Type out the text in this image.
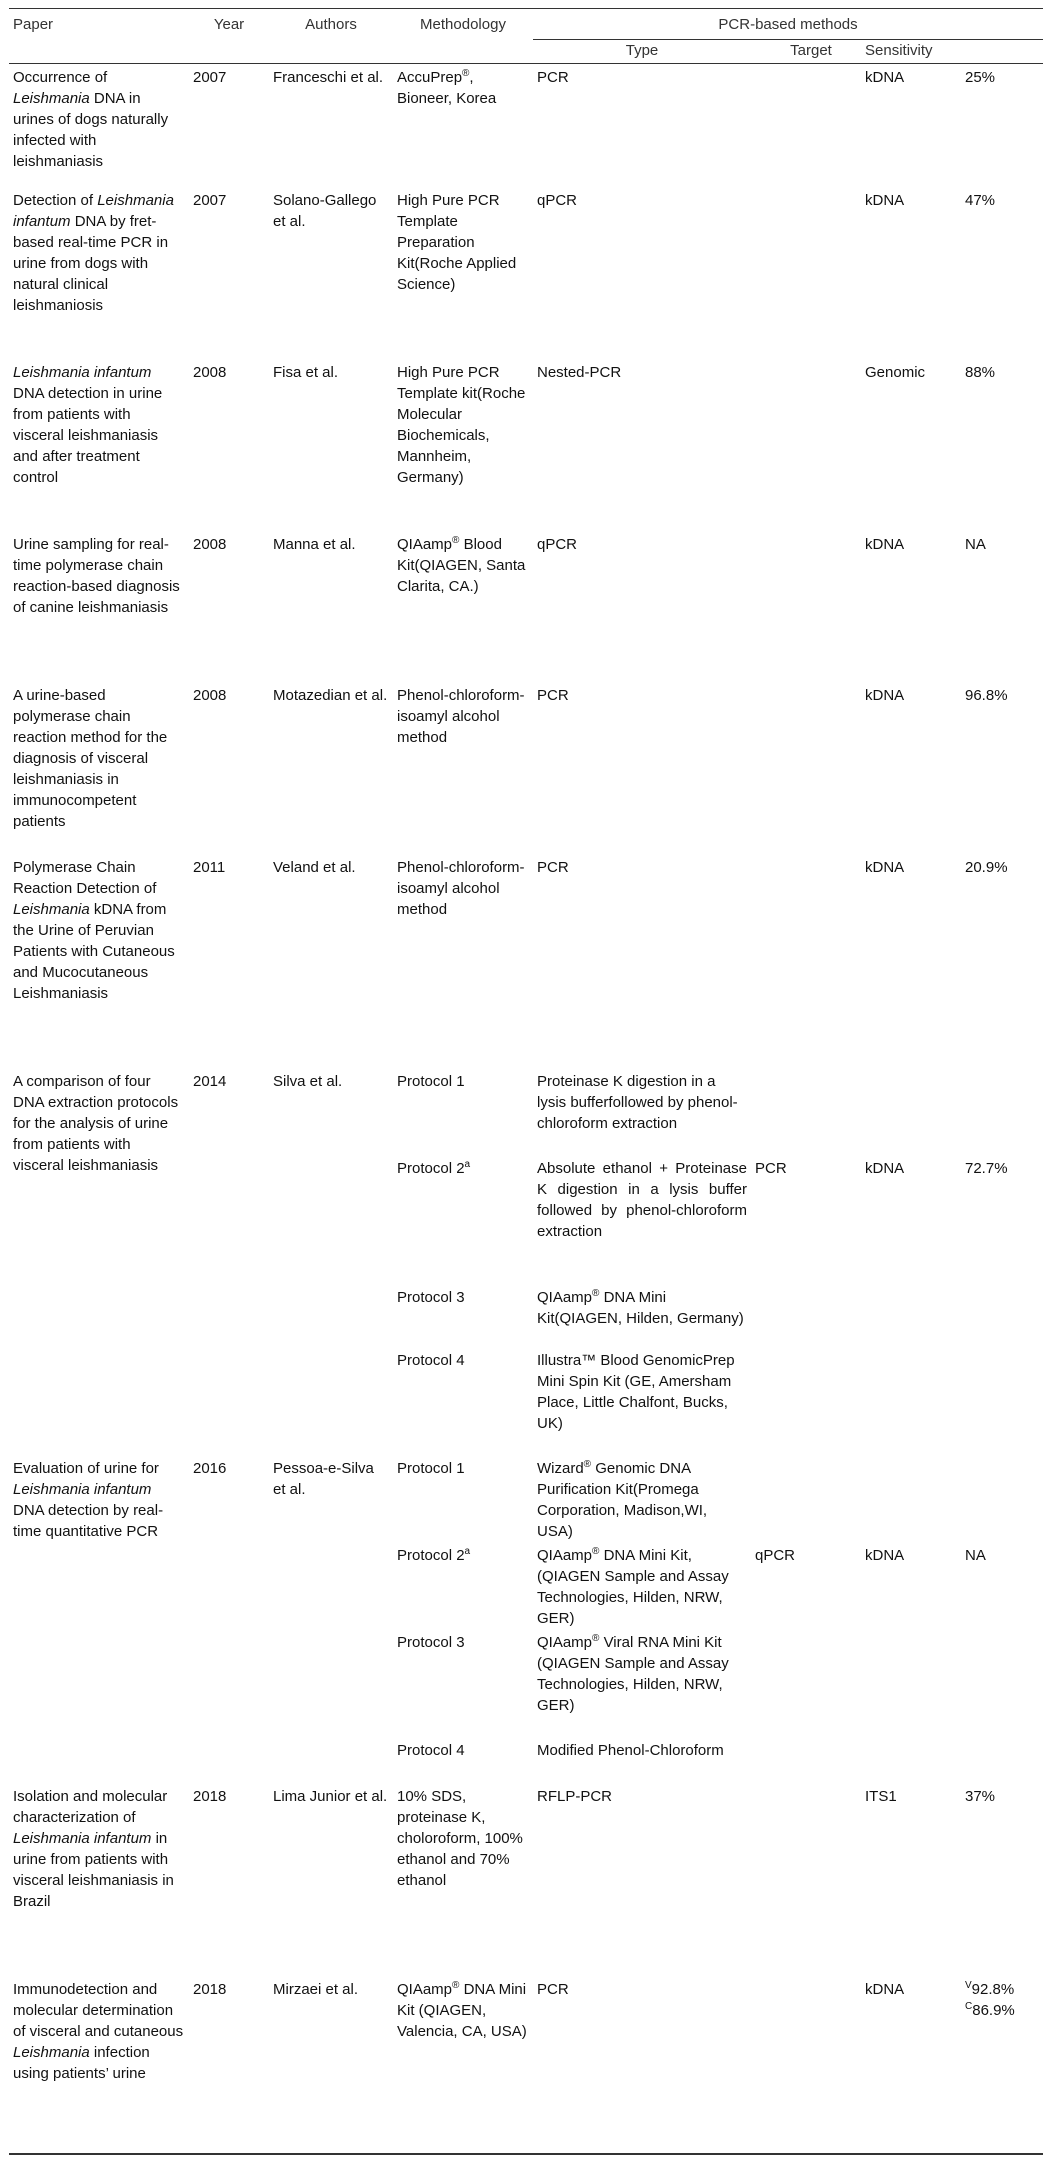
Paper	Year	Authors	Methodology	PCR-based methods			
				Type	Target	Sensitivity	
Occurrence of Leishmania DNA in urines of dogs naturally infected with leishmaniasis	2007	Franceschi et al.	AccuPrep®, Bioneer, Korea	PCR		kDNA	25%
Detection of Leishmania infantum DNA by fret-based real-time PCR in urine from dogs with natural clinical leishmaniosis	2007	Solano-Gallego et al.	High Pure PCR Template Preparation Kit(Roche Applied Science)	qPCR		kDNA	47%
Leishmania infantum DNA detection in urine from patients with visceral leishmaniasis and after treatment control	2008	Fisa et al.	High Pure PCR Template kit(Roche Molecular Biochemicals, Mannheim, Germany)	Nested-PCR		Genomic	88%
Urine sampling for real-time polymerase chain reaction-based diagnosis of canine leishmaniasis	2008	Manna et al.	QIAamp® Blood Kit(QIAGEN, Santa Clarita, CA.)	qPCR		kDNA	NA
A urine-based polymerase chain reaction method for the diagnosis of visceral leishmaniasis in immunocompetent patients	2008	Motazedian et al.	Phenol-chloroform-isoamyl alcohol method	PCR		kDNA	96.8%
Polymerase Chain Reaction Detection of Leishmania kDNA from the Urine of Peruvian Patients with Cutaneous and Mucocutaneous Leishmaniasis	2011	Veland et al.	Phenol-chloroform-isoamyl alcohol method	PCR		kDNA	20.9%
A comparison of four DNA extraction protocols for the analysis of urine from patients with visceral leishmaniasis	2014	Silva et al.	Protocol 1	Proteinase K digestion in a lysis bufferfollowed by phenol-chloroform extraction			
			Protocol 2$^a$	Absolute ethanol + Proteinase K digestion in a lysis buffer followed by phenol-chloroform extraction	PCR	kDNA	72.7%
			Protocol 3	QIAamp® DNA Mini Kit(QIAGEN, Hilden, Germany)			
			Protocol 4	Illustra™ Blood GenomicPrep Mini Spin Kit (GE, Amersham Place, Little Chalfont, Bucks, UK)			
Evaluation of urine for Leishmania infantum DNA detection by real-time quantitative PCR	2016	Pessoa-e-Silva et al.	Protocol 1	Wizard® Genomic DNA Purification Kit(Promega Corporation, Madison,WI, USA)			
			Protocol 2$^a$	QIAamp® DNA Mini Kit, (QIAGEN Sample and Assay Technologies, Hilden, NRW, GER)	qPCR	kDNA	NA
			Protocol 3	QIAamp® Viral RNA Mini Kit (QIAGEN Sample and Assay Technologies, Hilden, NRW, GER)			
			Protocol 4	Modified Phenol-Chloroform			
Isolation and molecular characterization of Leishmania infantum in urine from patients with visceral leishmaniasis in Brazil	2018	Lima Junior et al.	10% SDS, proteinase K, choloroform, 100% ethanol and 70% ethanol	RFLP-PCR		ITS1	37%
Immunodetection and molecular determination of visceral and cutaneous Leishmania infection using patients’ urine	2018	Mirzaei et al.	QIAamp® DNA Mini Kit (QIAGEN, Valencia, CA, USA)	PCR		kDNA	$^V$92.8%
$^C$86.9%
